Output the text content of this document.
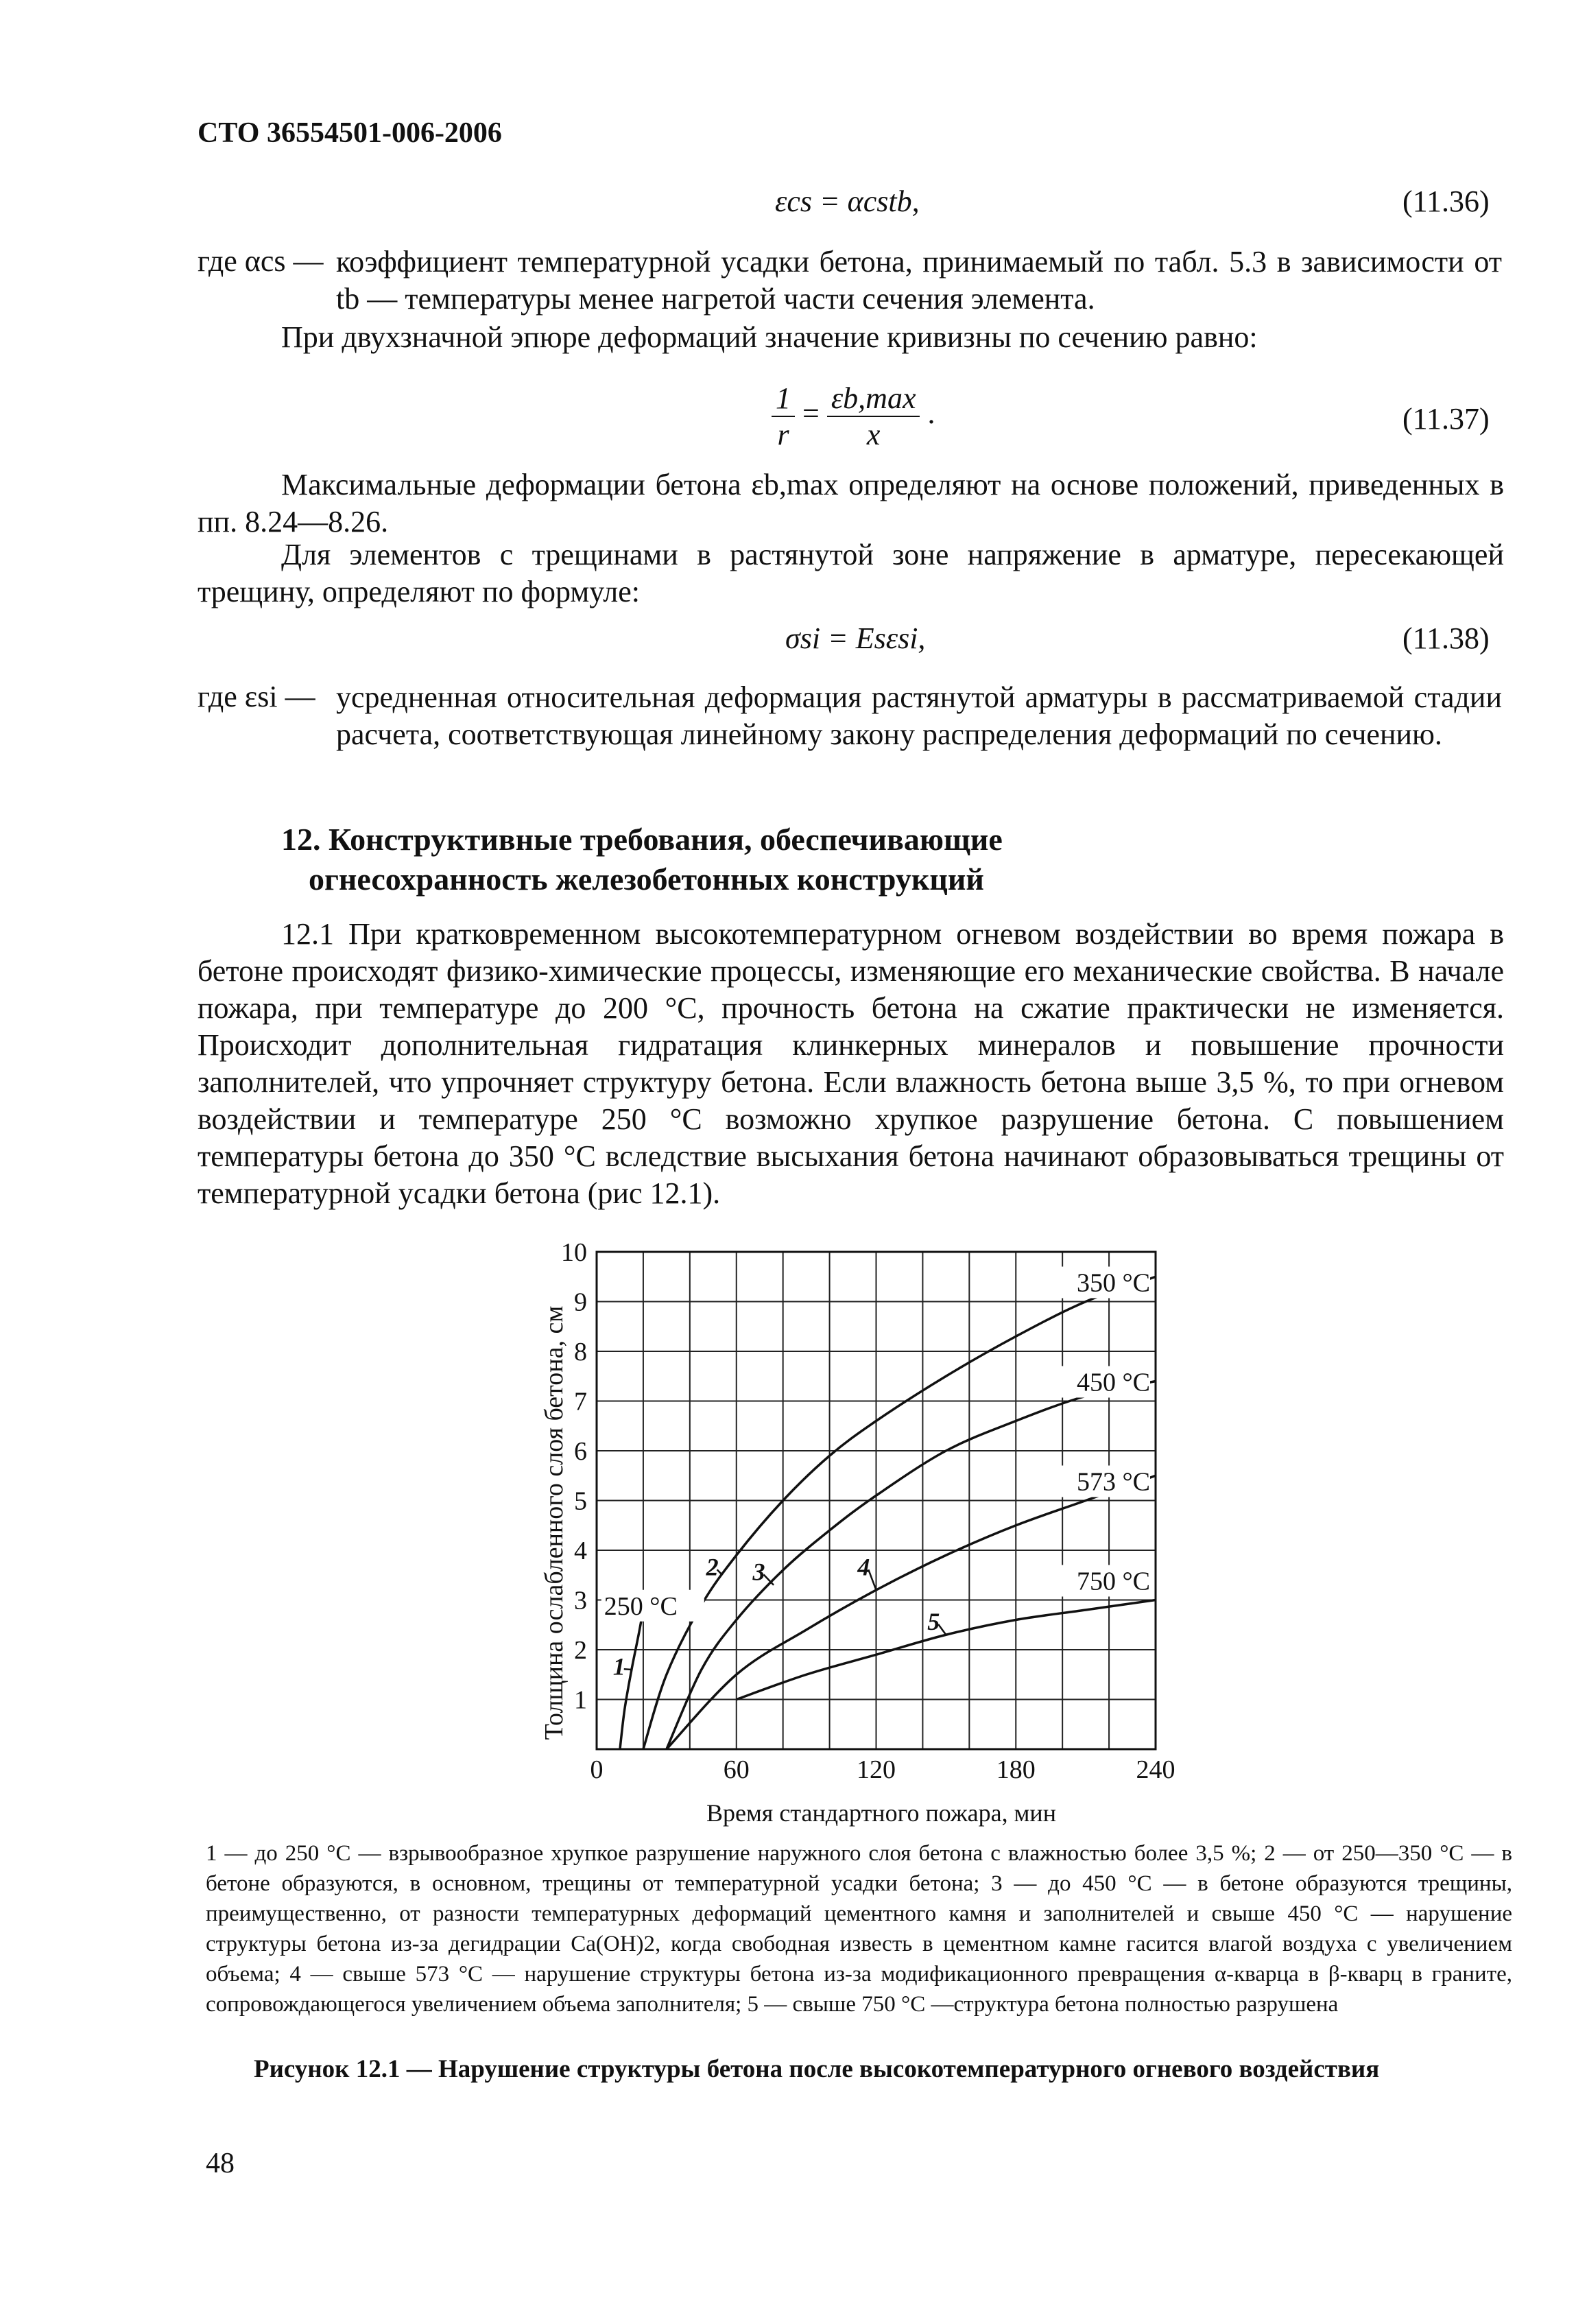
СТО 36554501-006-2006
εcs = αcstb,	(11.36)
где αcs — коэффициент температурной усадки бетона, принимаемый по табл. 5.3 в зависимости от tb — температуры менее нагретой части сечения элемента.
При двухзначной эпюре деформаций значение кривизны по сечению равно:
$\frac{1}{r} = \frac{\varepsilon b,\max}{x}$ .	(11.37)
Максимальные деформации бетона εb,max определяют на основе положений, приведенных в пп. 8.24—8.26.
Для элементов с трещинами в растянутой зоне напряжение в арматуре, пересекающей трещину, определяют по формуле:
σsi = Esεsi,	(11.38)
где εsi — усредненная относительная деформация растянутой арматуры в рассматриваемой стадии расчета, соответствующая линейному закону распределения деформаций по сечению.
12. Конструктивные требования, обеспечивающие
огнесохранность железобетонных конструкций
12.1 При кратковременном высокотемпературном огневом воздействии во время пожара в бетоне происходят физико-химические процессы, изменяющие его механические свойства. В начале пожара, при температуре до 200 °С, прочность бетона на сжатие практически не изменяется. Происходит дополнительная гидратация клинкерных минералов и повышение прочности заполнителей, что упрочняет структуру бетона. Если влажность бетона выше 3,5 %, то при огневом воздействии и температуре 250 °С возможно хрупкое разрушение бетона. С повышением температуры бетона до 350 °С вследствие высыхания бетона начинают образовываться трещины от температурной усадки бетона (рис 12.1).
0	60	120	180	240
1
2
3
4
5
6
7
8
9
10
250 °С
350 °С
450 °С
573 °С
750 °С
1
2 3	4
5
Толщина ослабленного слоя бетона, см
Время стандартного пожара, мин
1 — до 250 °С — взрывообразное хрупкое разрушение наружного слоя бетона с влажностью более 3,5 %; 2 — от 250—350 °С — в бетоне образуются, в основном, трещины от температурной усадки бетона; 3 — до 450 °С — в бетоне образуются трещины, преимущественно, от разности температурных деформаций цементного камня и заполнителей и свыше 450 °С — нарушение структуры бетона из-за дегидрации Ca(OH)2, когда свободная известь в цементном камне гасится влагой воздуха с увеличением объема; 4 — свыше 573 °С — нарушение структуры бетона из-за модификационного превращения α-кварца в β-кварц в граните, сопровождающегося увеличением объема заполнителя; 5 — свыше 750 °С —структура бетона полностью разрушена
Рисунок 12.1 — Нарушение структуры бетона после высокотемпературного огневого воздействия
48
